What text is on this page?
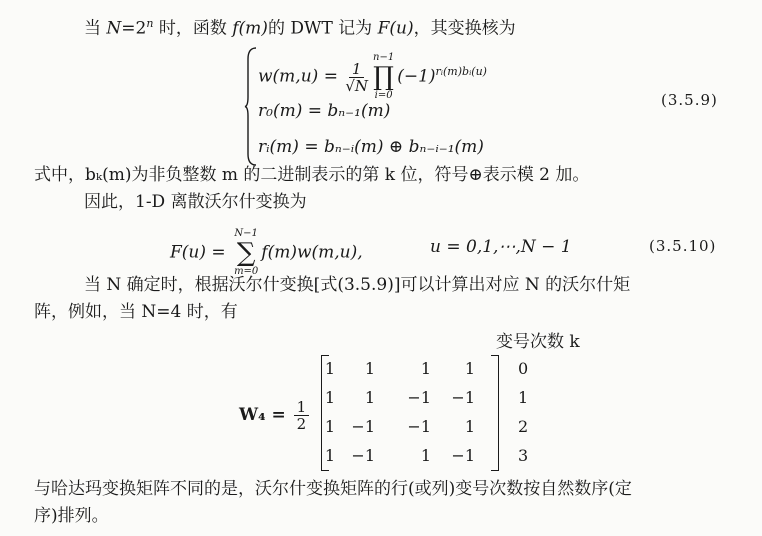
当 $N=2^n$ 时，函数 f(m)的 DWT 记为 F(u)，其变换核为
$w(m,u) = \frac{1}{√N}$
n−1
∏
i=0
$(-1)^{rᵢ(m)bᵢ(u)}$
r₀(m) = bₙ₋₁(m)
rᵢ(m) = bₙ₋ᵢ(m) ⊕ bₙ₋ᵢ₋₁(m)
(3.5.9)
式中，bₖ(m)为非负整数 m 的二进制表示的第 k 位，符号⊕表示模 2 加。
因此，1-D 离散沃尔什变换为
F(u) =
N−1
∑
m=0
f(m)w(m,u),	u = 0,1,⋯,N − 1	(3.5.10)
当 N 确定时，根据沃尔什变换[式(3.5.9)]可以计算出对应 N 的沃尔什矩
阵，例如，当 N=4 时，有
变号次数 k
$W_4 = \frac{1}{2}$
1	1	1	1
1	1	−1	−1
1	−1	−1	1
1	−1	1	−1
0
1
2
3
与哈达玛变换矩阵不同的是，沃尔什变换矩阵的行(或列)变号次数按自然数序(定
序)排列。
